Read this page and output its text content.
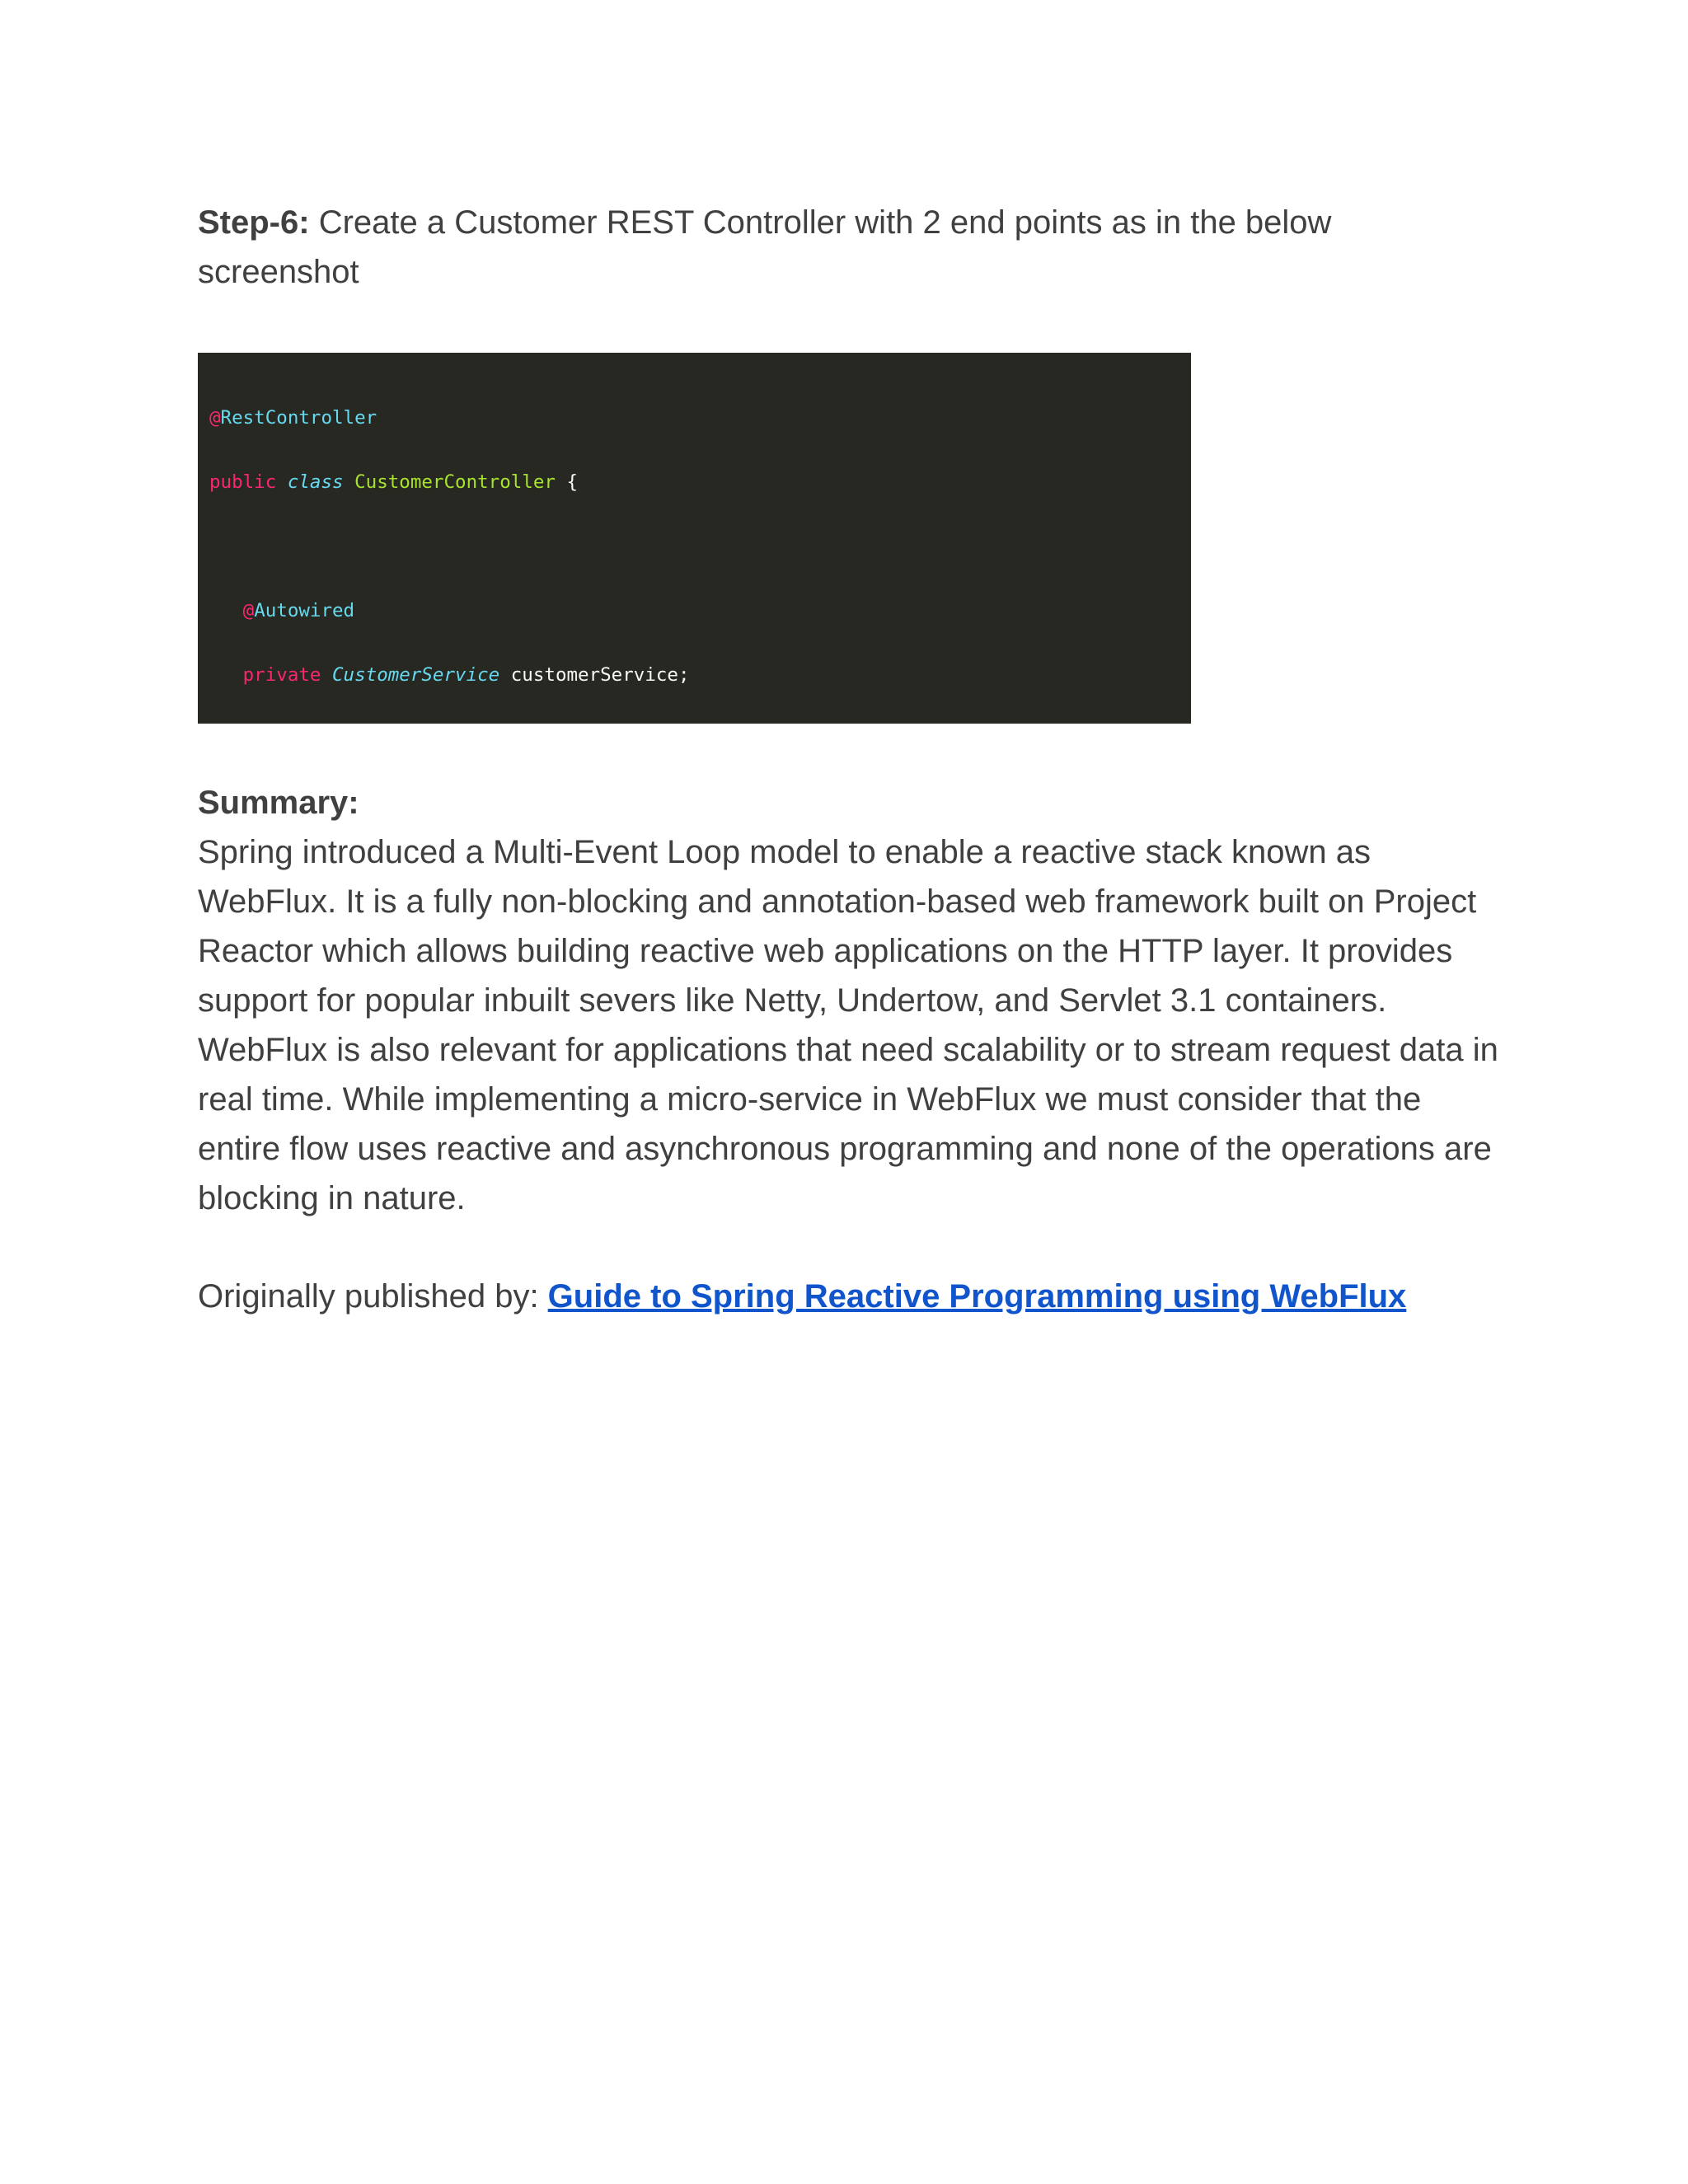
Step-6: Create a Customer REST Controller with 2 end points as in the below screenshot

@RestController

public class CustomerController {

@Autowired

private CustomerService customerService;

Summary:

Spring introduced a Multi-Event Loop model to enable a reactive stack known as WebFlux. It is a fully non-blocking and annotation-based web framework built on Project Reactor which allows building reactive web applications on the HTTP layer. It provides support for popular inbuilt severs like Netty, Undertow, and Servlet 3.1 containers.

WebFlux is also relevant for applications that need scalability or to stream request data in real time. While implementing a micro-service in WebFlux we must consider that the entire flow uses reactive and asynchronous programming and none of the operations are blocking in nature.

Originally published by: Guide to Spring Reactive Programming using WebFlux
